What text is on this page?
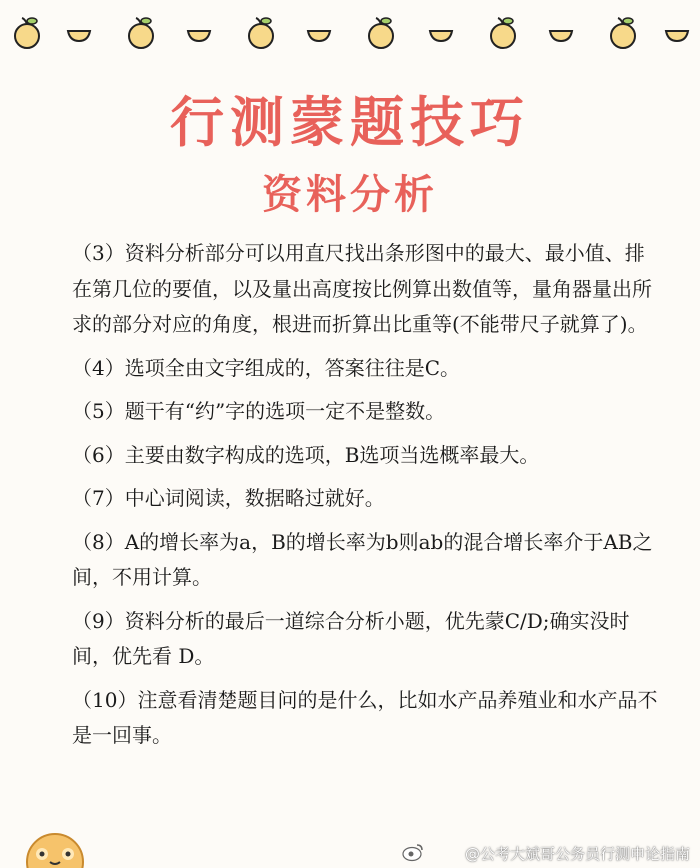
行测蒙题技巧
资料分析
（3）资料分析部分可以用直尺找出条形图中的最大、最小值、排在第几位的要值，以及量出高度按比例算出数值等，量角器量出所求的部分对应的角度，根进而折算出比重等(不能带尺子就算了)。
（4）选项全由文字组成的，答案往往是C。
（5）题干有“约”字的选项一定不是整数。
（6）主要由数字构成的选项，B选项当选概率最大。
（7）中心词阅读，数据略过就好。
（8）A的增长率为a，B的增长率为b则ab的混合增长率介于AB之间，不用计算。
（9）资料分析的最后一道综合分析小题，优先蒙C/D;确实没时间，优先看 D。
（10）注意看清楚题目问的是什么，比如水产品养殖业和水产品不是一回事。
@公考大斌哥公务员行测申论指南
